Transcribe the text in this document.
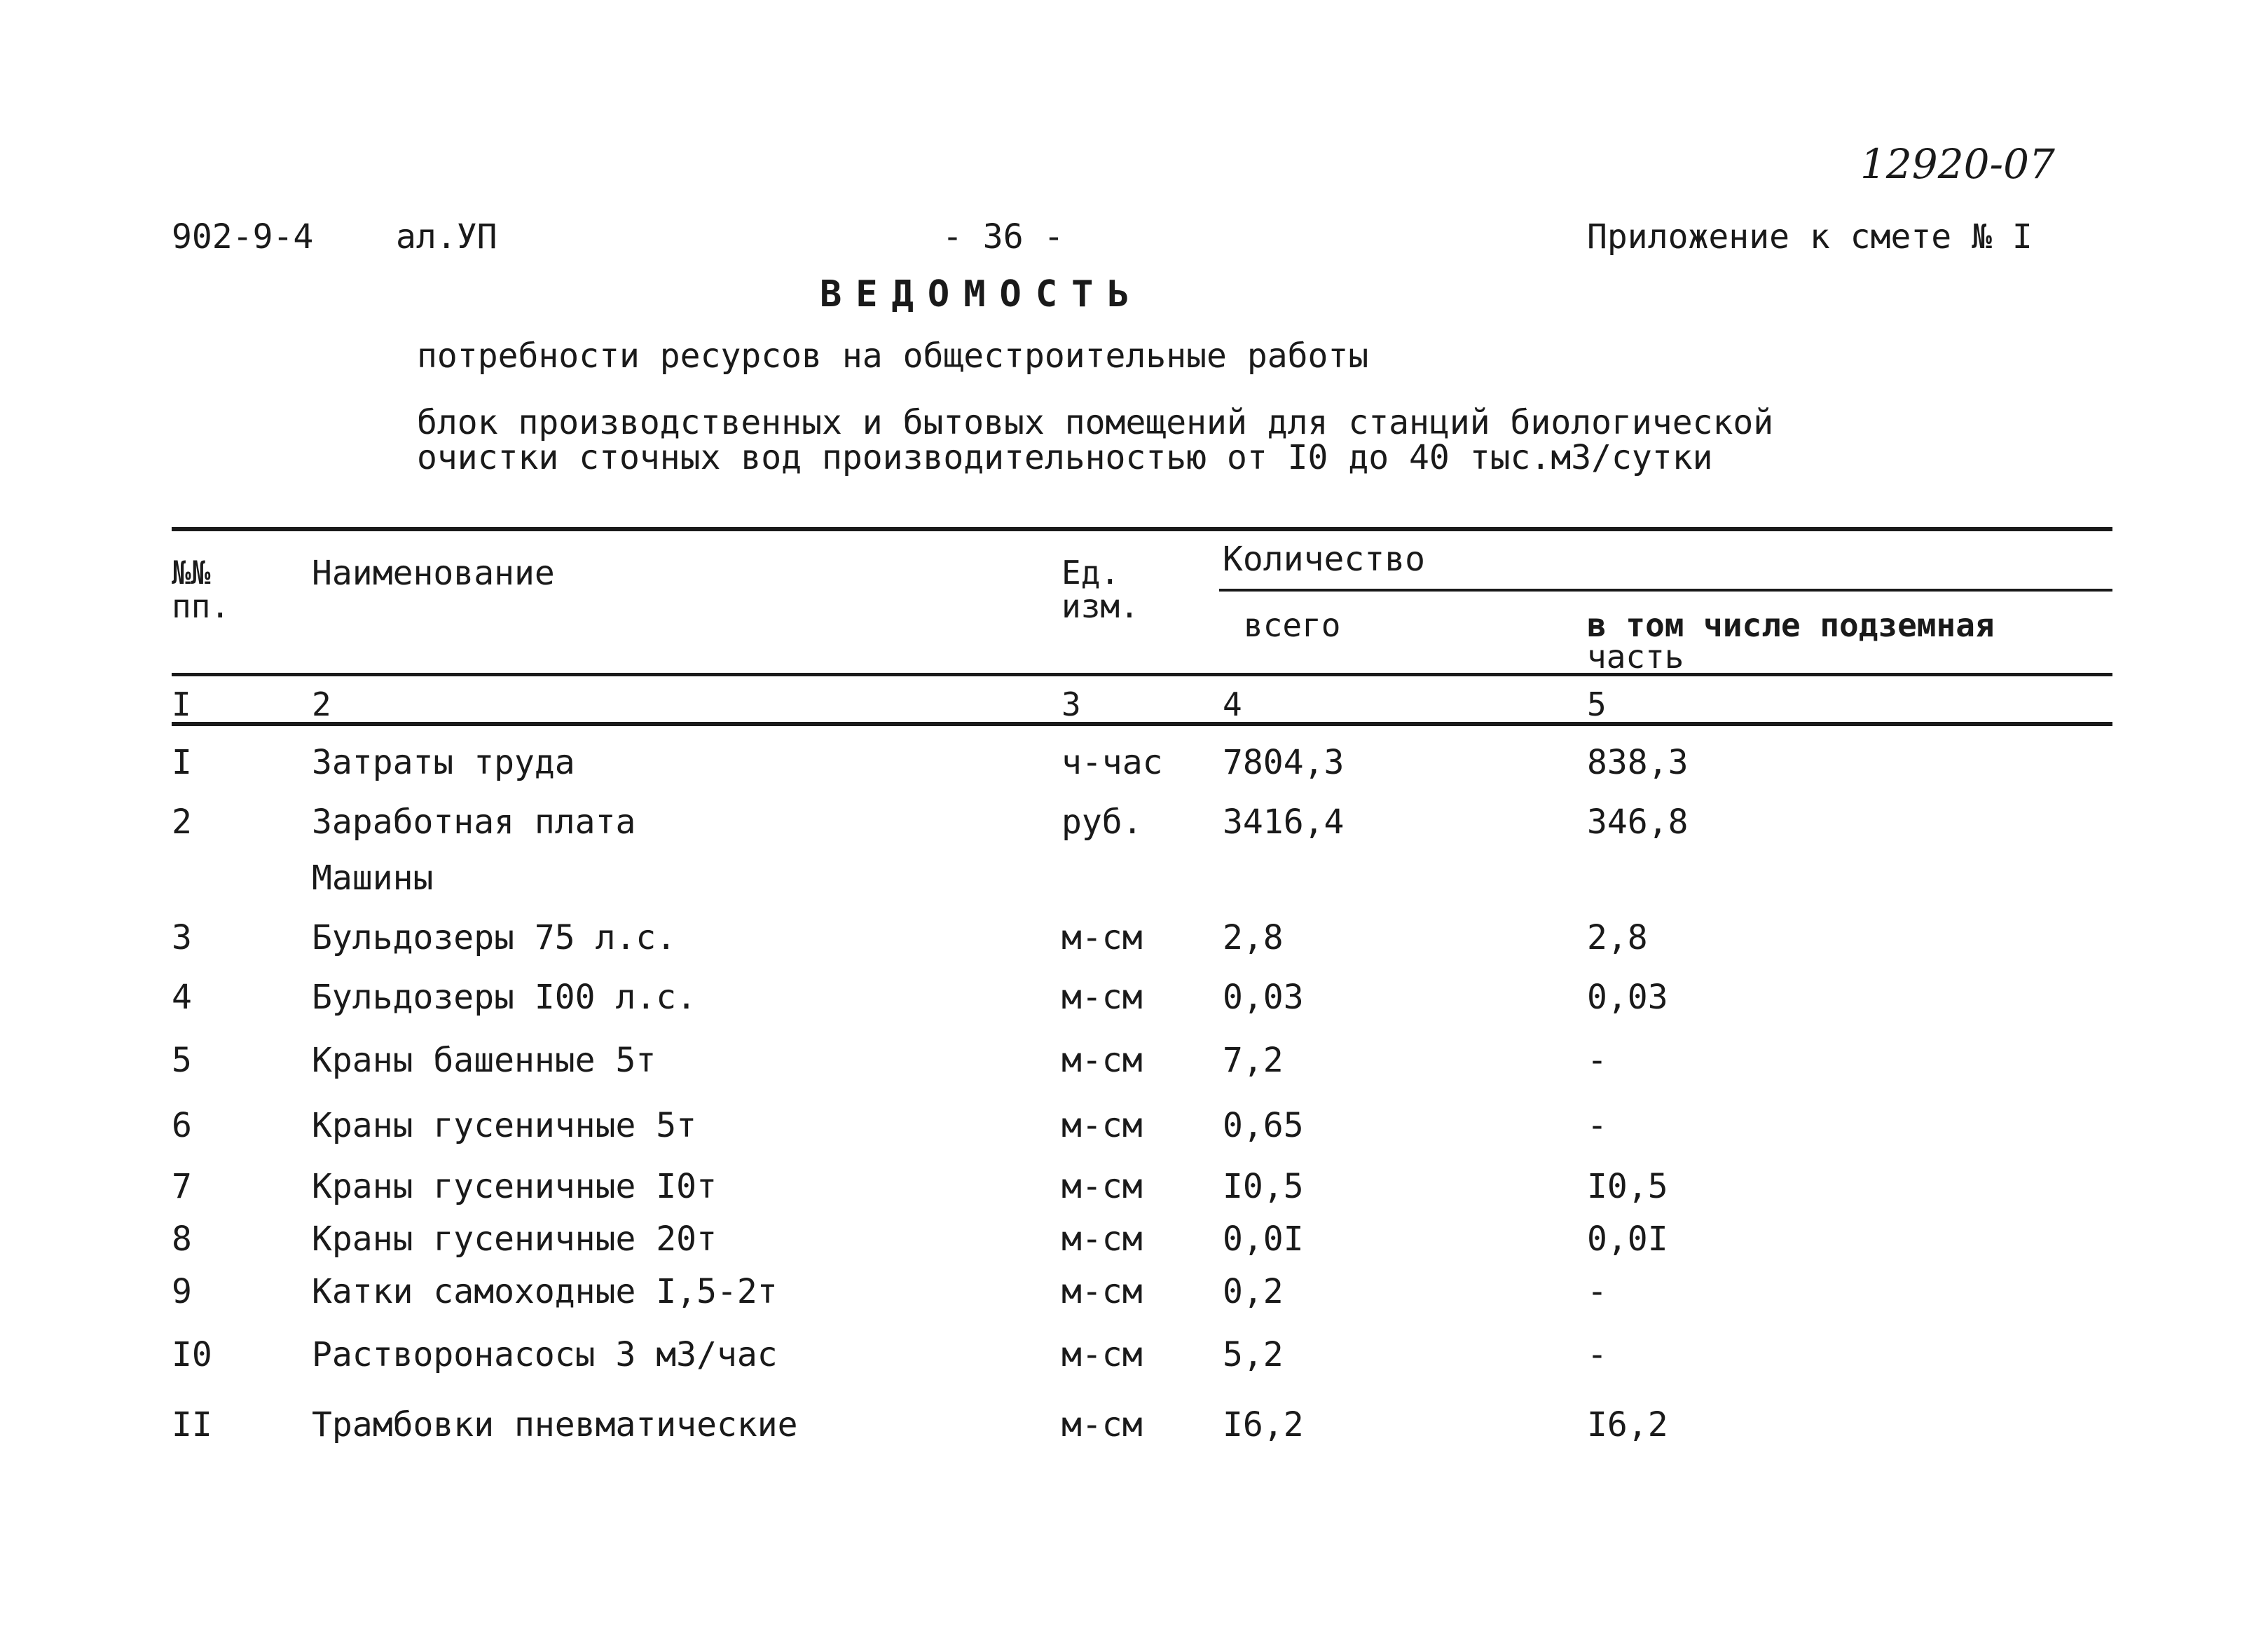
12920-07
902-9-4 ал.УП	- 36 -	Приложение к смете № I
ВЕДОМОСТЬ
потребности ресурсов на общестроительные работы
блок производственных и бытовых помещений для станций биологической
очистки сточных вод производительностью от I0 до 40 тыс.м3/сутки
№№
пп.
Наименование	Ед.
изм.
Количество
всего	в том числе подземная
часть
I	2	3	4	5
I	Затраты труда	ч-час 7804,3	838,3
2	Заработная плата	руб. 3416,4	346,8
Машины
3	Бульдозеры 75 л.с.	м-см 2,8	2,8
4	Бульдозеры I00 л.с.	м-см 0,03	0,03
5	Краны башенные 5т	м-см 7,2	-
6	Краны гусеничные 5т	м-см 0,65	-
7	Краны гусеничные I0т	м-см I0,5	I0,5
8	Краны гусеничные 20т	м-см 0,0I	0,0I
9	Катки самоходные I,5-2т	м-см 0,2	-
I0	Растворонасосы 3 м3/час	м-см 5,2	-
II	Трамбовки пневматические	м-см I6,2	I6,2
